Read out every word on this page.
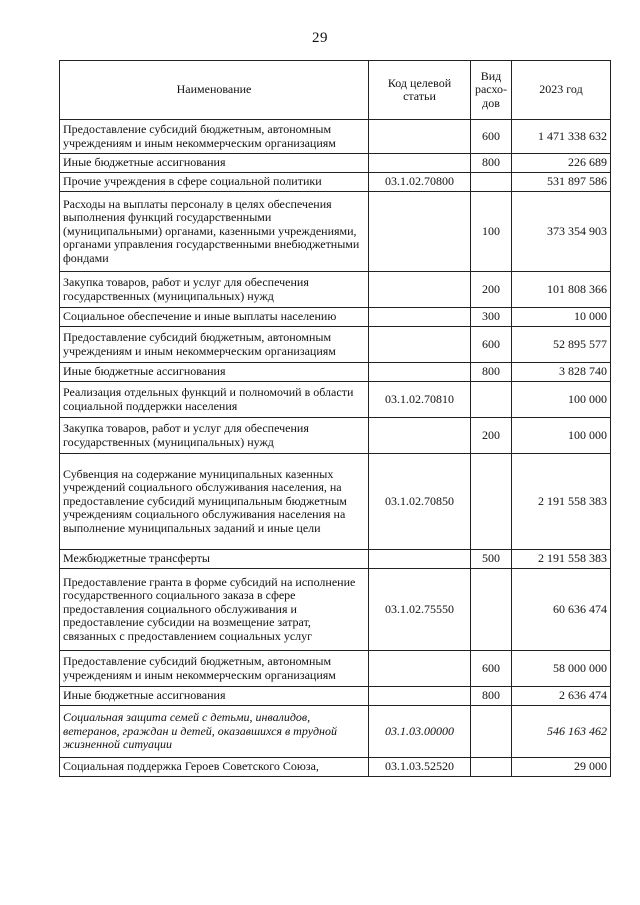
29
Наименование	Код целевой статьи	Вид расхо-дов	2023 год
Предоставление субсидий бюджетным, автономным учреждениям и иным некоммерческим организациям		600	1 471 338 632
Иные бюджетные ассигнования		800	226 689
Прочие учреждения в сфере социальной политики	03.1.02.70800		531 897 586
Расходы на выплаты персоналу в целях обеспечения выполнения функций государственными (муниципальными) органами, казенными учреждениями, органами управления государственными внебюджетными фондами		100	373 354 903
Закупка товаров, работ и услуг для обеспечения государственных (муниципальных) нужд		200	101 808 366
Социальное обеспечение и иные выплаты населению		300	10 000
Предоставление субсидий бюджетным, автономным учреждениям и иным некоммерческим организациям		600	52 895 577
Иные бюджетные ассигнования		800	3 828 740
Реализация отдельных функций и полномочий в области социальной поддержки населения	03.1.02.70810		100 000
Закупка товаров, работ и услуг для обеспечения государственных (муниципальных) нужд		200	100 000
Субвенция на содержание муниципальных казенных учреждений социального обслуживания населения, на предоставление субсидий муниципальным бюджетным учреждениям социального обслуживания населения на выполнение муниципальных заданий и иные цели	03.1.02.70850		2 191 558 383
Межбюджетные трансферты		500	2 191 558 383
Предоставление гранта в форме субсидий на исполнение государственного социального заказа в сфере предоставления социального обслуживания и предоставление субсидии на возмещение затрат, связанных с предоставлением социальных услуг	03.1.02.75550		60 636 474
Предоставление субсидий бюджетным, автономным учреждениям и иным некоммерческим организациям		600	58 000 000
Иные бюджетные ассигнования		800	2 636 474
Социальная защита семей с детьми, инвалидов, ветеранов, граждан и детей, оказавшихся в трудной жизненной ситуации	03.1.03.00000		546 163 462
Социальная поддержка Героев Советского Союза,	03.1.03.52520		29 000
